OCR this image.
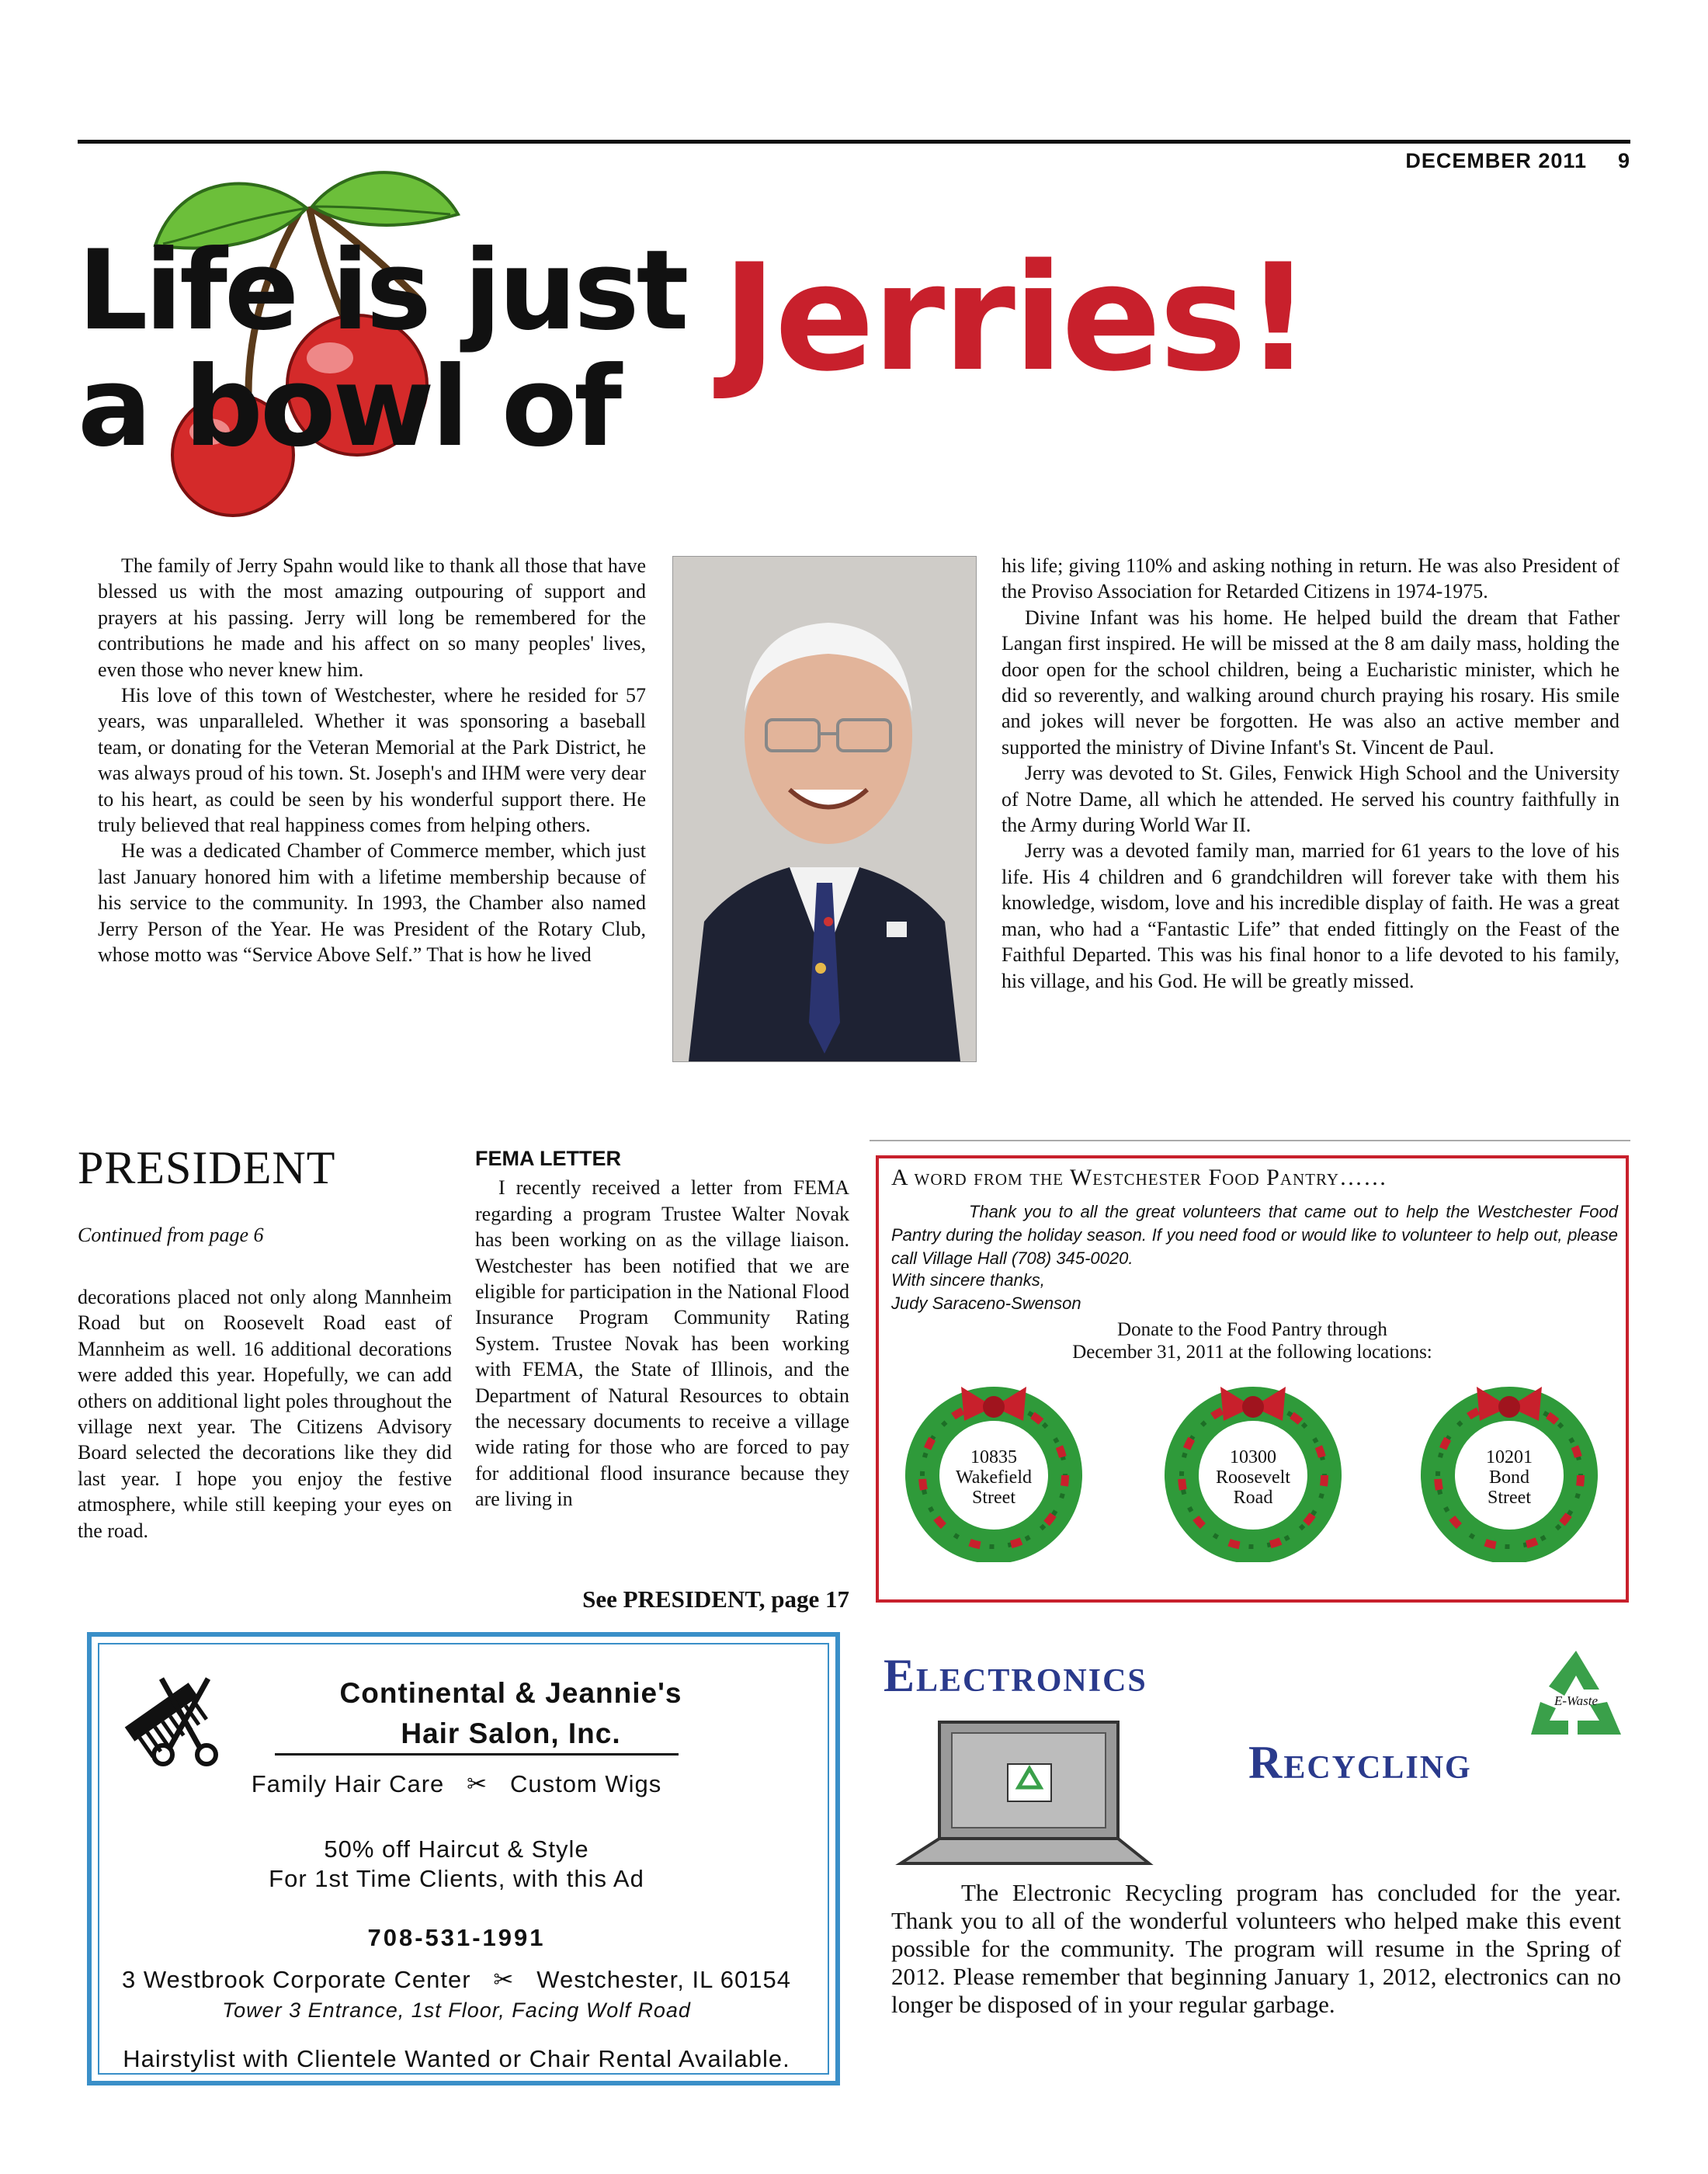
DECEMBER 2011 9
Life is just
a bowl of
Jerries!

The family of Jerry Spahn would like to thank all those that have blessed us with the most amazing outpouring of support and prayers at his passing. Jerry will long be remembered for the contributions he made and his affect on so many peoples' lives, even those who never knew him.

His love of this town of Westchester, where he resided for 57 years, was unparalleled. Whether it was sponsoring a baseball team, or donating for the Veteran Memorial at the Park District, he was always proud of his town. St. Joseph's and IHM were very dear to his heart, as could be seen by his wonderful support there. He truly believed that real happiness comes from helping others.

He was a dedicated Chamber of Commerce member, which just last January honored him with a lifetime membership because of his service to the community. In 1993, the Chamber also named Jerry Person of the Year. He was President of the Rotary Club, whose motto was “Service Above Self.” That is how he lived

his life; giving 110% and asking nothing in return. He was also President of the Proviso Association for Retarded Citizens in 1974-1975.

Divine Infant was his home. He helped build the dream that Father Langan first inspired. He will be missed at the 8 am daily mass, holding the door open for the school children, being a Eucharistic minister, which he did so reverently, and walking around church praying his rosary. His smile and jokes will never be forgotten. He was also an active member and supported the ministry of Divine Infant's St. Vincent de Paul.

Jerry was devoted to St. Giles, Fenwick High School and the University of Notre Dame, all which he attended. He served his country faithfully in the Army during World War II.

Jerry was a devoted family man, married for 61 years to the love of his life. His 4 children and 6 grandchildren will forever take with them his knowledge, wisdom, love and his incredible display of faith. He was a great man, who had a “Fantastic Life” that ended fittingly on the Feast of the Faithful Departed. This was his final honor to a life devoted to his family, his village, and his God. He will be greatly missed.

PRESIDENT
Continued from page 6

decorations placed not only along Mannheim Road but on Roosevelt Road east of Mannheim as well. 16 additional decorations were added this year. Hopefully, we can add others on additional light poles throughout the village next year. The Citizens Advisory Board selected the decorations like they did last year. I hope you enjoy the festive atmosphere, while still keeping your eyes on the road.

FEMA LETTER

I recently received a letter from FEMA regarding a program Trustee Walter Novak has been working on as the village liaison. Westchester has been notified that we are eligible for participation in the National Flood Insurance Program Community Rating System. Trustee Novak has been working with FEMA, the State of Illinois, and the Department of Natural Resources to obtain the necessary documents to receive a village wide rating for those who are forced to pay for additional flood insurance because they are living in

See PRESIDENT, page 17
A word from the Westchester Food Pantry……
Thank you to all the great volunteers that came out to help the Westchester Food Pantry during the holiday season. If you need food or would like to volunteer to help out, please call Village Hall (708) 345-0020.
With sincere thanks,
Judy Saraceno-Swenson
Donate to the Food Pantry through
December 31, 2011 at the following locations:
10835
Wakefield
Street
10300
Roosevelt
Road
10201
Bond
Street
Continental & Jeannie's
Hair Salon, Inc.
Family Hair Care   ✂   Custom Wigs
50% off Haircut & Style
For 1st Time Clients, with this Ad
708-531-1991
3 Westbrook Corporate Center   ✂   Westchester, IL 60154
Tower 3 Entrance, 1st Floor, Facing Wolf Road
Hairstylist with Clientele Wanted or Chair Rental Available.
Electronics
Recycling
E-Waste
The Electronic Recycling program has concluded for the year. Thank you to all of the wonderful volunteers who helped make this event possible for the community. The program will resume in the Spring of 2012. Please remember that beginning January 1, 2012, electronics can no longer be disposed of in your regular garbage.
